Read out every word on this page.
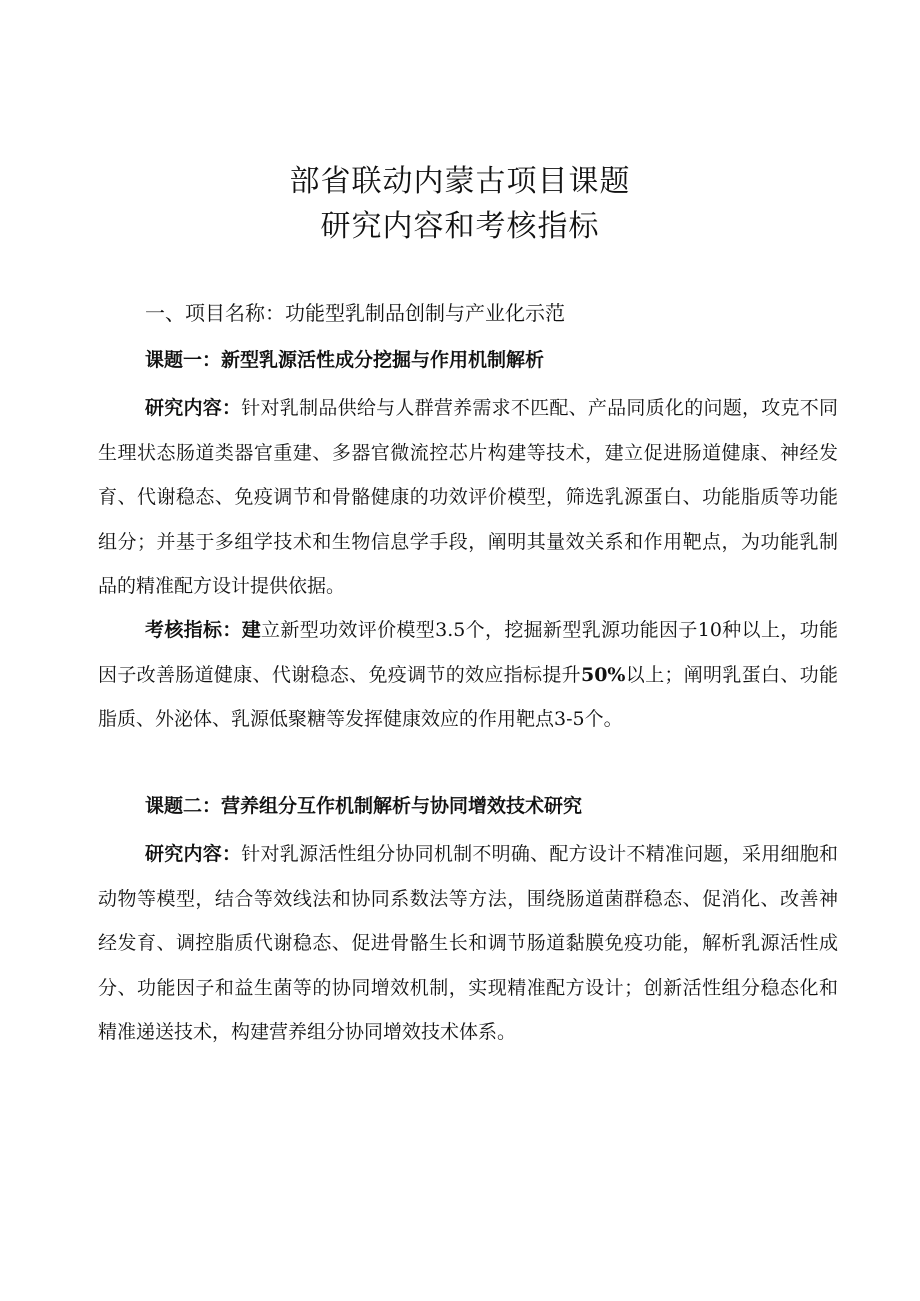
部省联动内蒙古项目课题
研究内容和考核指标
一、项目名称：功能型乳制品创制与产业化示范
课题一：新型乳源活性成分挖掘与作用机制解析

研究内容：针对乳制品供给与人群营养需求不匹配、产品同质化的问题，攻克不同生理状态肠道类器官重建、多器官微流控芯片构建等技术，建立促进肠道健康、神经发育、代谢稳态、免疫调节和骨骼健康的功效评价模型，筛选乳源蛋白、功能脂质等功能组分；并基于多组学技术和生物信息学手段，阐明其量效关系和作用靶点，为功能乳制品的精准配方设计提供依据。

考核指标：建立新型功效评价模型3.5个，挖掘新型乳源功能因子10种以上，功能因子改善肠道健康、代谢稳态、免疫调节的效应指标提升50%以上；阐明乳蛋白、功能脂质、外泌体、乳源低聚糖等发挥健康效应的作用靶点3-5个。

课题二：营养组分互作机制解析与协同增效技术研究

研究内容：针对乳源活性组分协同机制不明确、配方设计不精准问题，采用细胞和动物等模型，结合等效线法和协同系数法等方法，围绕肠道菌群稳态、促消化、改善神经发育、调控脂质代谢稳态、促进骨骼生长和调节肠道黏膜免疫功能，解析乳源活性成分、功能因子和益生菌等的协同增效机制，实现精准配方设计；创新活性组分稳态化和精准递送技术，构建营养组分协同增效技术体系。
